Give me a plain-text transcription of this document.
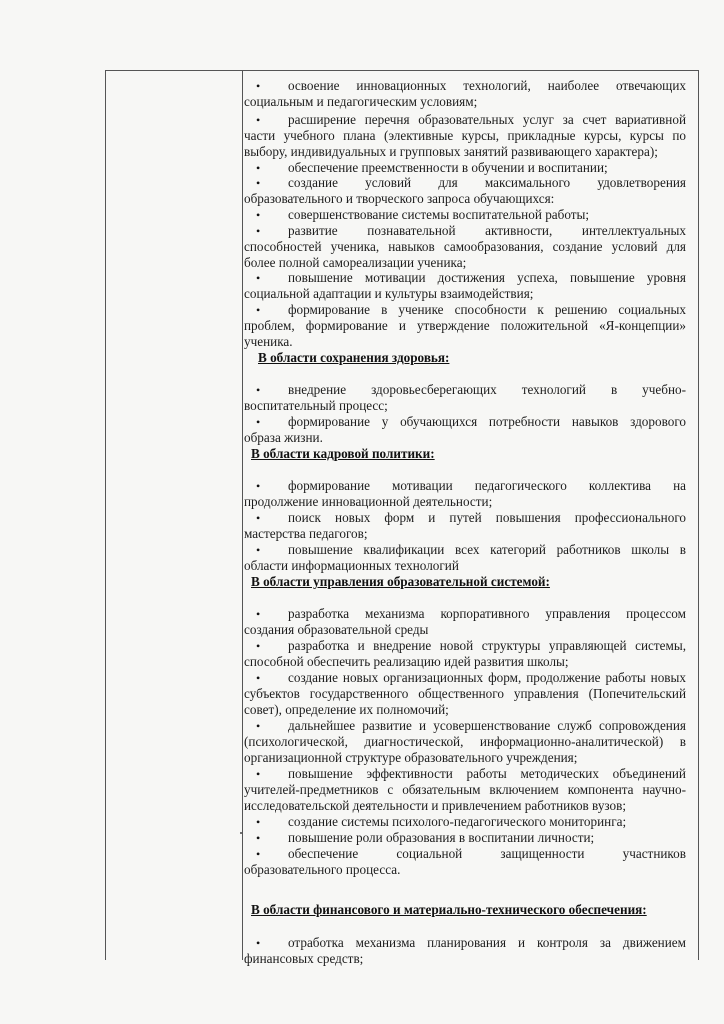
• освоение инновационных технологий, наиболее отвечающих
социальным и педагогическим условиям;
• расширение перечня образовательных услуг за счет вариативной
части учебного плана (элективные курсы, прикладные курсы, курсы по
выбору, индивидуальных и групповых занятий развивающего характера);
• обеспечение преемственности в обучении и воспитании;
• создание условий для максимального удовлетворения
образовательного и творческого запроса обучающихся:
• совершенствование системы воспитательной работы;
• развитие познавательной активности, интеллектуальных
способностей ученика, навыков самообразования, создание условий для
более полной самореализации ученика;
• повышение мотивации достижения успеха, повышение уровня
социальной адаптации и культуры взаимодействия;
• формирование в ученике способности к решению социальных
проблем, формирование и утверждение положительной «Я-концепции»
ученика.
В области сохранения здоровья:
• внедрение здоровьесберегающих технологий в учебно-
воспитательный процесс;
• формирование у обучающихся потребности навыков здорового
образа жизни.
В области кадровой политики:
• формирование мотивации педагогического коллектива на
продолжение инновационной деятельности;
• поиск новых форм и путей повышения профессионального
мастерства педагогов;
• повышение квалификации всех категорий работников школы в
области информационных технологий
В области управления образовательной системой:
• разработка механизма корпоративного управления процессом
создания образовательной среды
• разработка и внедрение новой структуры управляющей системы,
способной обеспечить реализацию идей развития школы;
• создание новых организационных форм, продолжение работы новых
субъектов государственного общественного управления (Попечительский
совет), определение их полномочий;
• дальнейшее развитие и усовершенствование служб сопровождения
(психологической, диагностической, информационно-аналитической) в
организационной структуре образовательного учреждения;
• повышение эффективности работы методических объединений
учителей-предметников с обязательным включением компонента научно-
исследовательской деятельности и привлечением работников вузов;
• создание системы психолого-педагогического мониторинга;
• повышение роли образования в воспитании личности;
• обеспечение социальной защищенности участников
образовательного процесса.
В области финансового и материально-технического обеспечения:
• отработка механизма планирования и контроля за движением
финансовых средств;
